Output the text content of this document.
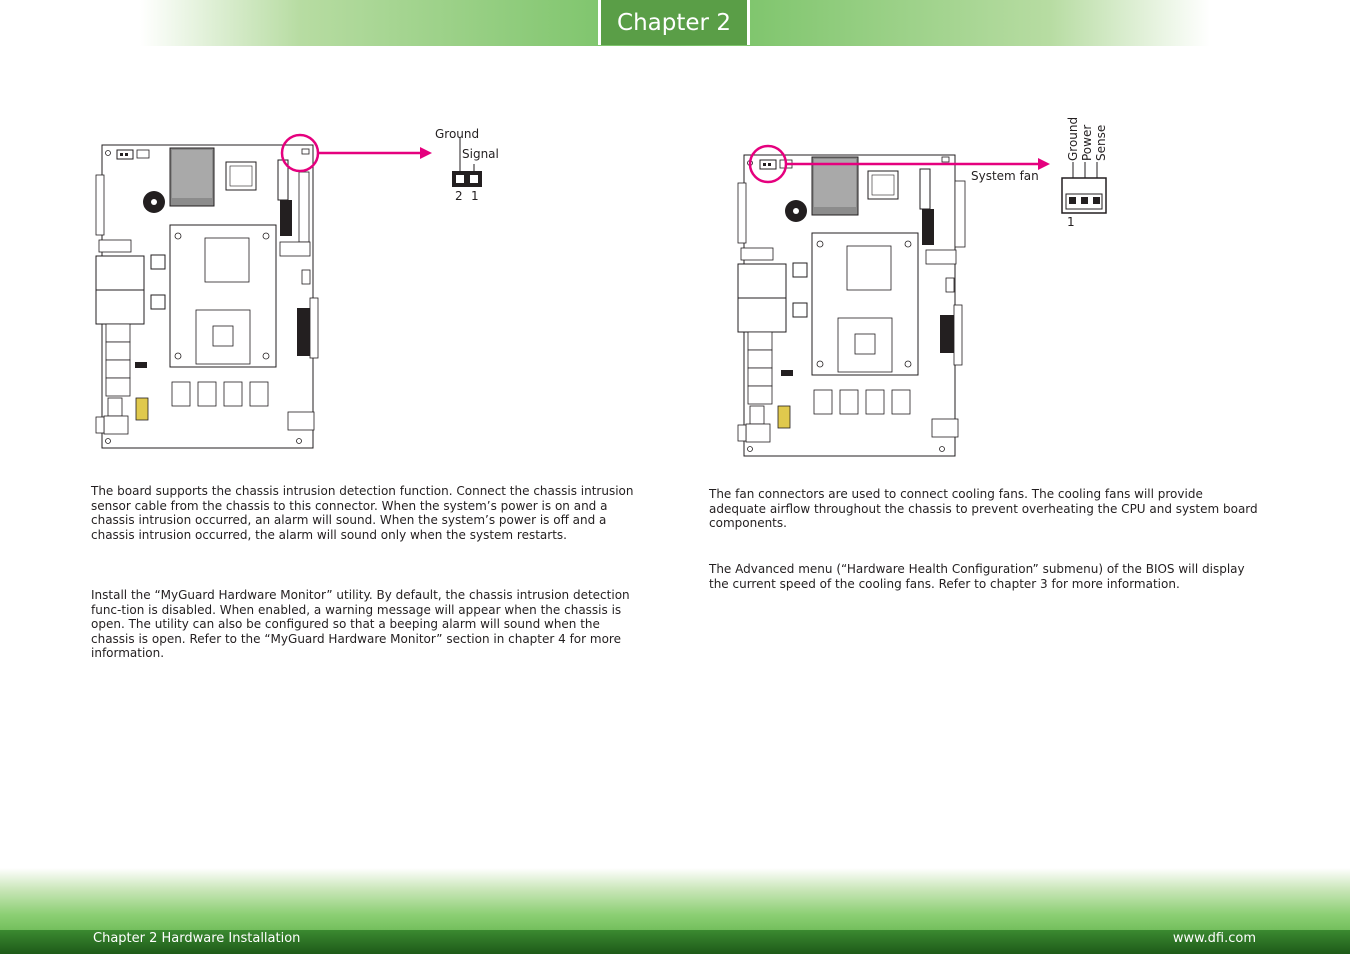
Chapter 2
Ground
Signal
2 1
System fan
Ground Power Sense
1

The board supports the chassis intrusion detection function. Connect the chassis intrusion sensor cable from the chassis to this connector. When the system’s power is on and a chassis intrusion occurred, an alarm will sound. When the system’s power is off and a chassis intrusion occurred, the alarm will sound only when the system restarts.

Install the “MyGuard Hardware Monitor” utility. By default, the chassis intrusion detection func-tion is disabled. When enabled, a warning message will appear when the chassis is open. The utility can also be configured so that a beeping alarm will sound when the chassis is open. Refer to the “MyGuard Hardware Monitor” section in chapter 4 for more information.

The fan connectors are used to connect cooling fans. The cooling fans will provide adequate airflow throughout the chassis to prevent overheating the CPU and system board components.

The Advanced menu (“Hardware Health Configuration” submenu) of the BIOS will display the current speed of the cooling fans. Refer to chapter 3 for more information.

Chapter 2 Hardware Installation	www.dfi.com
